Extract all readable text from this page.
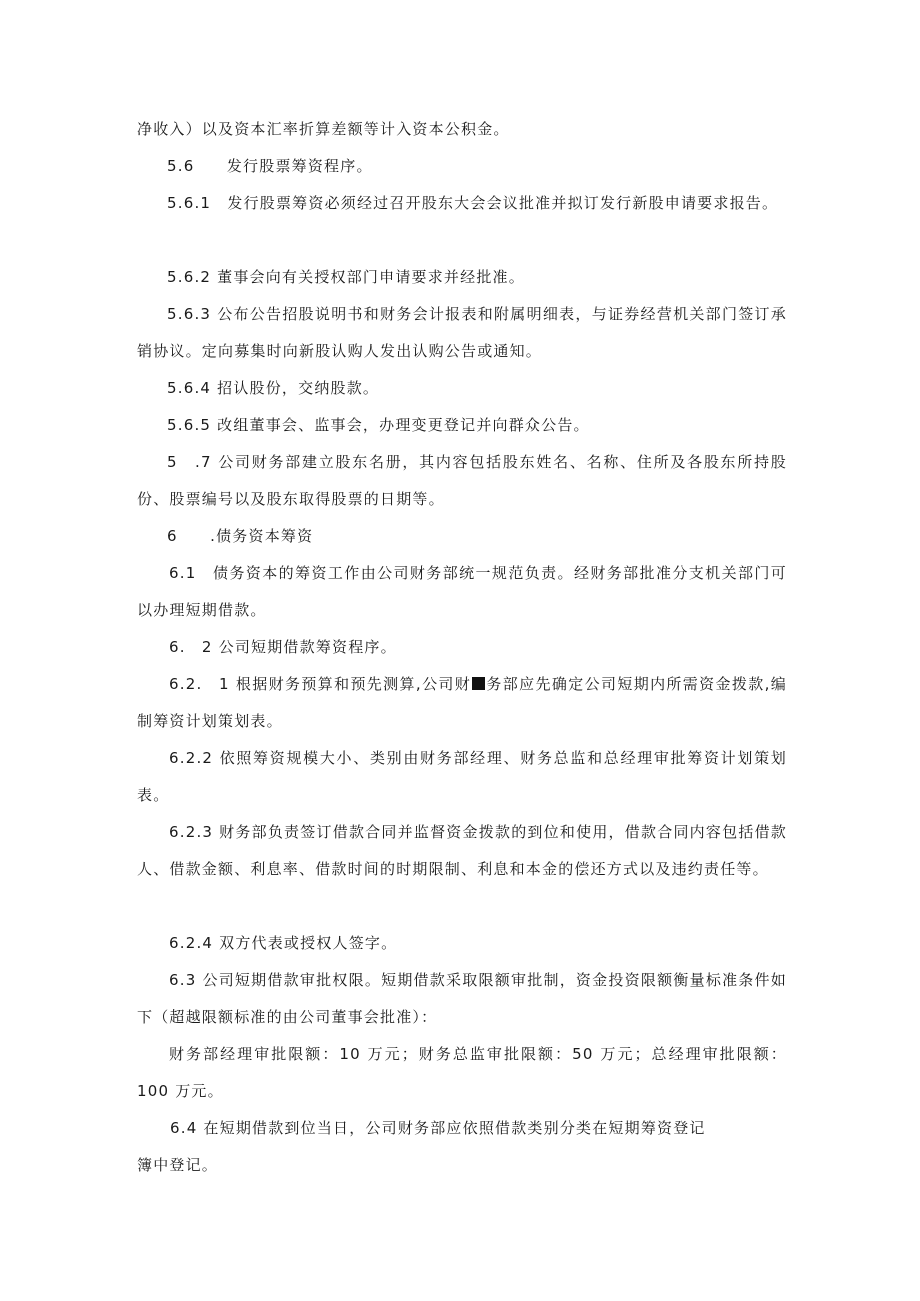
净收入）以及资本汇率折算差额等计入资本公积金。

5.6　　发行股票筹资程序。

5.6.1　发行股票筹资必须经过召开股东大会会议批准并拟订发行新股申请要求报告。

5.6.2 董事会向有关授权部门申请要求并经批准。

5.6.3 公布公告招股说明书和财务会计报表和附属明细表，与证券经营机关部门签订承销协议。定向募集时向新股认购人发出认购公告或通知。

5.6.4 招认股份，交纳股款。

5.6.5 改组董事会、监事会，办理变更登记并向群众公告。

5　.7 公司财务部建立股东名册，其内容包括股东姓名、名称、住所及各股东所持股份、股票编号以及股东取得股票的日期等。

6　　.债务资本筹资

6.1　债务资本的筹资工作由公司财务部统一规范负责。经财务部批准分支机关部门可以办理短期借款。

6.　2 公司短期借款筹资程序。

6.2.　1 根据财务预算和预先测算,公司财 务部应先确定公司短期内所需资金拨款,编制筹资计划策划表。

6.2.2 依照筹资规模大小、类别由财务部经理、财务总监和总经理审批筹资计划策划表。

6.2.3 财务部负责签订借款合同并监督资金拨款的到位和使用，借款合同内容包括借款人、借款金额、利息率、借款时间的时期限制、利息和本金的偿还方式以及违约责任等。

6.2.4 双方代表或授权人签字。

6.3 公司短期借款审批权限。短期借款采取限额审批制，资金投资限额衡量标准条件如下（超越限额标准的由公司董事会批准）：

财务部经理审批限额：10 万元；财务总监审批限额：50 万元；总经理审批限额：100 万元。

6.4 在短期借款到位当日，公司财务部应依照借款类别分类在短期筹资登记

簿中登记。
